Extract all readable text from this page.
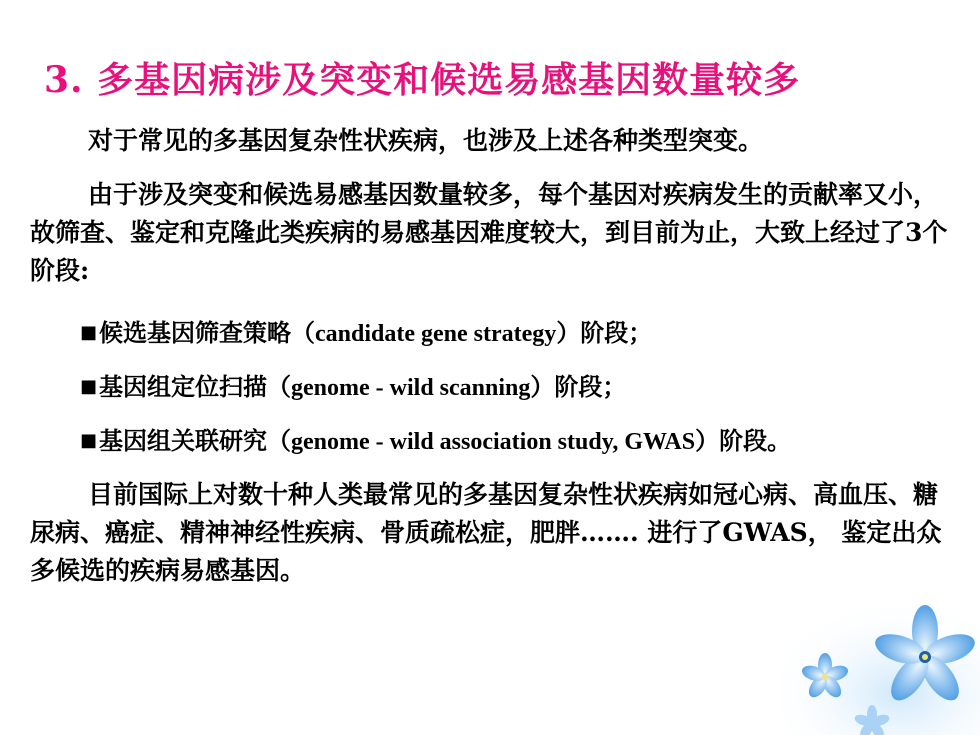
3. 多基因病涉及突变和候选易感基因数量较多

对于常见的多基因复杂性状疾病，也涉及上述各种类型突变。

由于涉及突变和候选易感基因数量较多，每个基因对疾病发生的贡献率又小，故筛查、鉴定和克隆此类疾病的易感基因难度较大，到目前为止，大致上经过了3个阶段:

■候选基因筛查策略（candidate gene strategy）阶段；
■基因组定位扫描（genome - wild scanning）阶段；
■基因组关联研究（genome - wild association study, GWAS）阶段。

目前国际上对数十种人类最常见的多基因复杂性状疾病如冠心病、高血压、糖尿病、癌症、精神神经性疾病、骨质疏松症，肥胖……. 进行了GWAS， 鉴定出众多候选的疾病易感基因。
